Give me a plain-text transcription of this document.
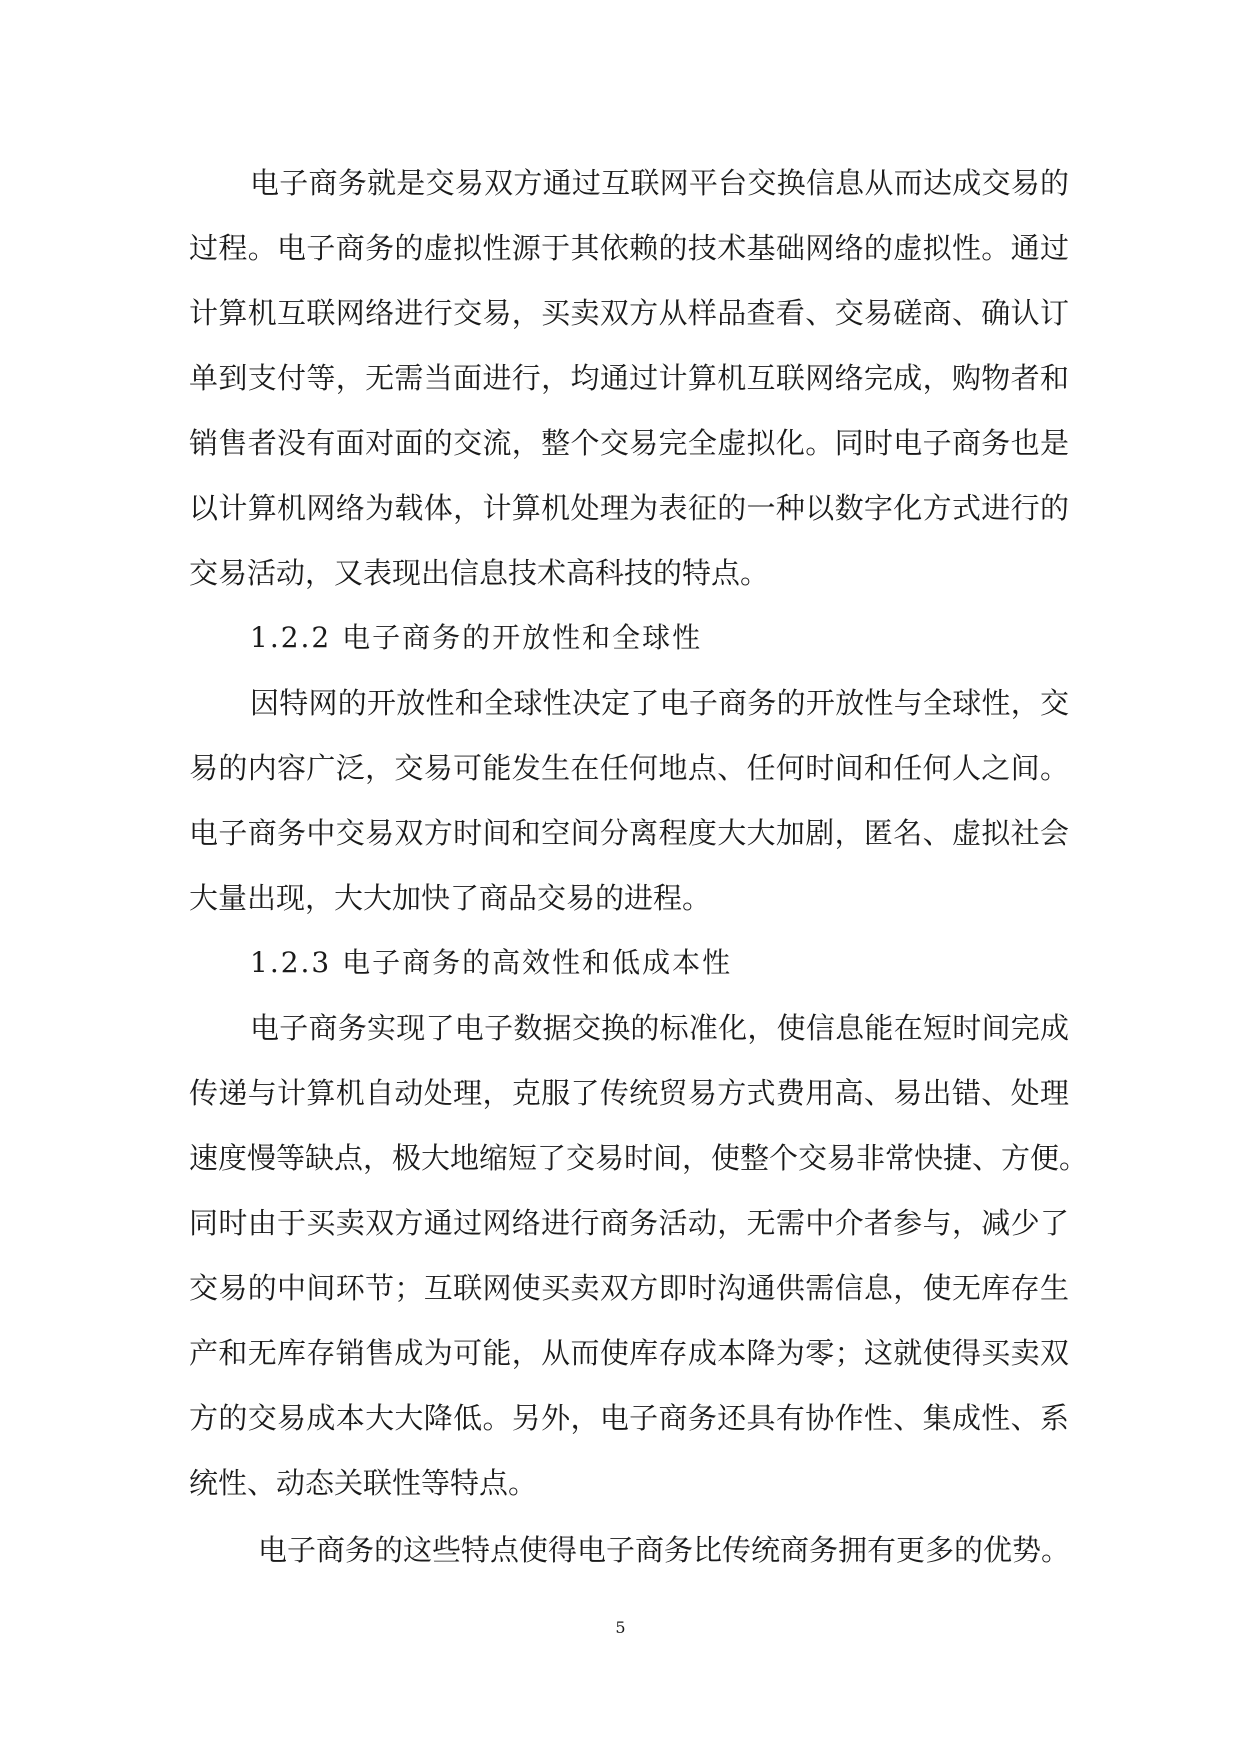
电子商务就是交易双方通过互联网平台交换信息从而达成交易的
过程。电子商务的虚拟性源于其依赖的技术基础网络的虚拟性。通过
计算机互联网络进行交易，买卖双方从样品查看、交易磋商、确认订
单到支付等，无需当面进行，均通过计算机互联网络完成，购物者和
销售者没有面对面的交流，整个交易完全虚拟化。同时电子商务也是
以计算机网络为载体，计算机处理为表征的一种以数字化方式进行的
交易活动，又表现出信息技术高科技的特点。
1.2.2 电子商务的开放性和全球性
因特网的开放性和全球性决定了电子商务的开放性与全球性，交
易的内容广泛，交易可能发生在任何地点、任何时间和任何人之间。
电子商务中交易双方时间和空间分离程度大大加剧，匿名、虚拟社会
大量出现，大大加快了商品交易的进程。
1.2.3 电子商务的高效性和低成本性
电子商务实现了电子数据交换的标准化，使信息能在短时间完成
传递与计算机自动处理，克服了传统贸易方式费用高、易出错、处理
速度慢等缺点，极大地缩短了交易时间，使整个交易非常快捷、方便。
同时由于买卖双方通过网络进行商务活动，无需中介者参与，减少了
交易的中间环节；互联网使买卖双方即时沟通供需信息，使无库存生
产和无库存销售成为可能，从而使库存成本降为零；这就使得买卖双
方的交易成本大大降低。另外，电子商务还具有协作性、集成性、系
统性、动态关联性等特点。
电子商务的这些特点使得电子商务比传统商务拥有更多的优势。
5
